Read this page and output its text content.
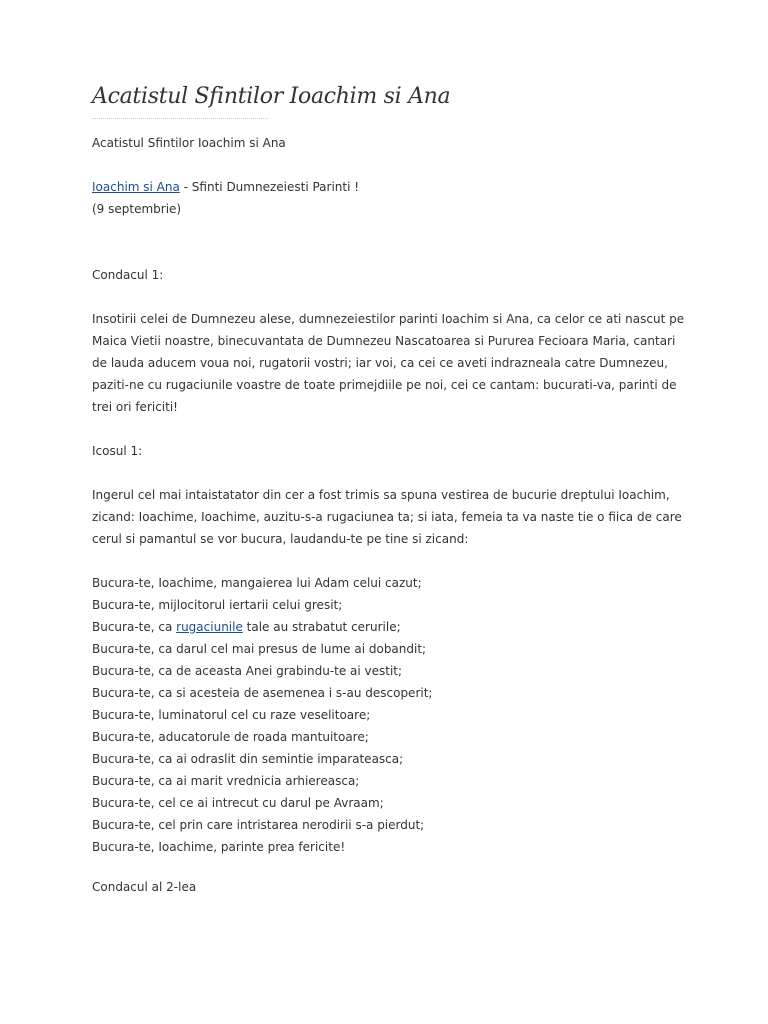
Acatistul Sfintilor Ioachim si Ana

Acatistul Sfintilor Ioachim si Ana

Ioachim si Ana - Sfinti Dumnezeiesti Parinti !
(9 septembrie)

Condacul 1:

Insotirii celei de Dumnezeu alese, dumnezeiestilor parinti Ioachim si Ana, ca celor ce ati nascut pe
Maica Vietii noastre, binecuvantata de Dumnezeu Nascatoarea si Pururea Fecioara Maria, cantari
de lauda aducem voua noi, rugatorii vostri; iar voi, ca cei ce aveti indrazneala catre Dumnezeu,
paziti-ne cu rugaciunile voastre de toate primejdiile pe noi, cei ce cantam: bucurati-va, parinti de
trei ori fericiti!

Icosul 1:

Ingerul cel mai intaistatator din cer a fost trimis sa spuna vestirea de bucurie dreptului Ioachim,
zicand: Ioachime, Ioachime, auzitu-s-a rugaciunea ta; si iata, femeia ta va naste tie o fiica de care
cerul si pamantul se vor bucura, laudandu-te pe tine si zicand:
Bucura-te, Ioachime, mangaierea lui Adam celui cazut;
Bucura-te, mijlocitorul iertarii celui gresit;
Bucura-te, ca rugaciunile tale au strabatut cerurile;
Bucura-te, ca darul cel mai presus de lume ai dobandit;
Bucura-te, ca de aceasta Anei grabindu-te ai vestit;
Bucura-te, ca si acesteia de asemenea i s-au descoperit;
Bucura-te, luminatorul cel cu raze veselitoare;
Bucura-te, aducatorule de roada mantuitoare;
Bucura-te, ca ai odraslit din semintie imparateasca;
Bucura-te, ca ai marit vrednicia arhiereasca;
Bucura-te, cel ce ai intrecut cu darul pe Avraam;
Bucura-te, cel prin care intristarea nerodirii s-a pierdut;
Bucura-te, Ioachime, parinte prea fericite!

Condacul al 2-lea
